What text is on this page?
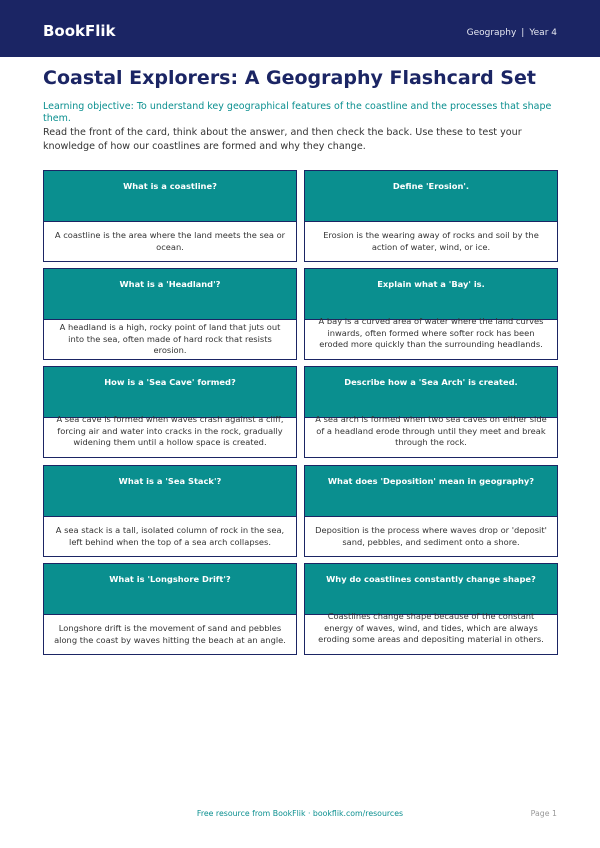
BookFlik	Geography | Year 4
Coastal Explorers: A Geography Flashcard Set
Learning objective: To understand key geographical features of the coastline and the processes that shape them.
Read the front of the card, think about the answer, and then check the back. Use these to test your knowledge of how our coastlines are formed and why they change.
What is a coastline?
A coastline is the area where the land meets the sea or ocean.
Define 'Erosion'.
Erosion is the wearing away of rocks and soil by the action of water, wind, or ice.
What is a 'Headland'?
A headland is a high, rocky point of land that juts out into the sea, often made of hard rock that resists erosion.
Explain what a 'Bay' is.
A bay is a curved area of water where the land curves inwards, often formed where softer rock has been eroded more quickly than the surrounding headlands.
How is a 'Sea Cave' formed?
A sea cave is formed when waves crash against a cliff, forcing air and water into cracks in the rock, gradually widening them until a hollow space is created.
Describe how a 'Sea Arch' is created.
A sea arch is formed when two sea caves on either side of a headland erode through until they meet and break through the rock.
What is a 'Sea Stack'?
A sea stack is a tall, isolated column of rock in the sea, left behind when the top of a sea arch collapses.
What does 'Deposition' mean in geography?
Deposition is the process where waves drop or 'deposit' sand, pebbles, and sediment onto a shore.
What is 'Longshore Drift'?
Longshore drift is the movement of sand and pebbles along the coast by waves hitting the beach at an angle.
Why do coastlines constantly change shape?
Coastlines change shape because of the constant energy of waves, wind, and tides, which are always eroding some areas and depositing material in others.
Free resource from BookFlik · bookflik.com/resources	Page 1
